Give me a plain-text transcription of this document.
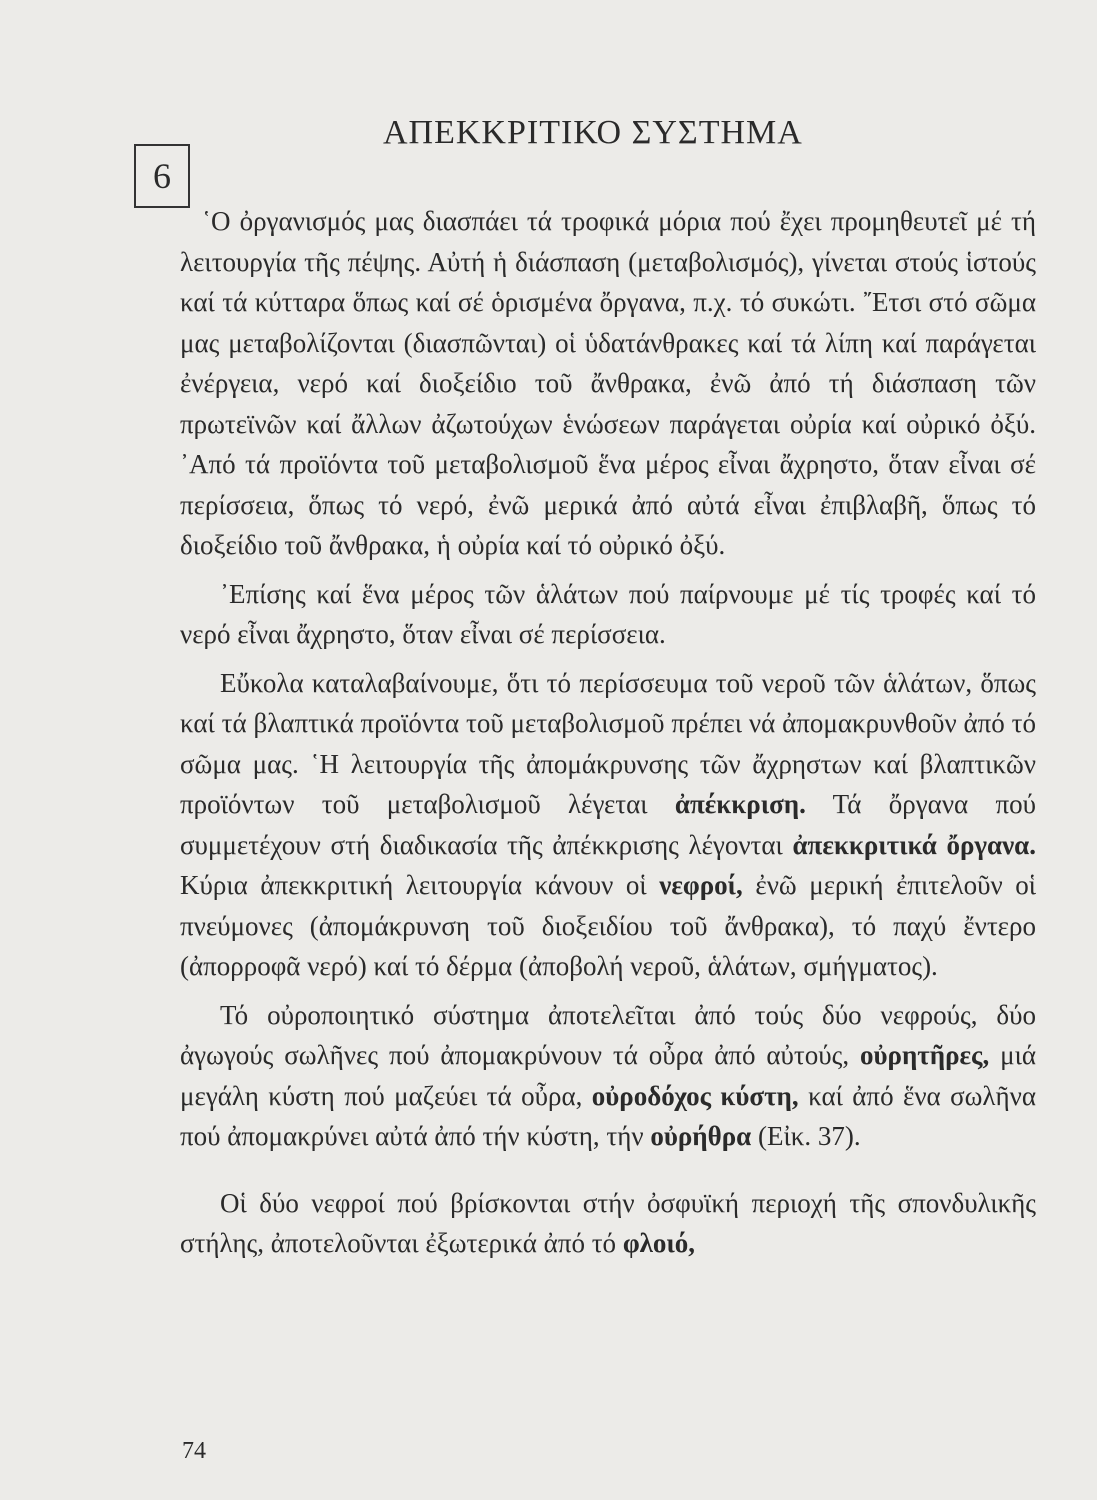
6
ΑΠΕΚΚΡΙΤΙΚΟ ΣΥΣΤΗΜΑ

῾Ο ὀργανισμός μας διασπάει τά τροφικά μόρια πού ἔχει προμηθευτεῖ μέ τή λειτουργία τῆς πέψης. Αὐτή ἡ διάσπαση (μεταβολισμός), γίνεται στούς ἱστούς καί τά κύτταρα ὅπως καί σέ ὁρισμένα ὄργανα, π.χ. τό συκώτι. ῎Ετσι στό σῶμα μας μεταβολίζονται (διασπῶνται) οἱ ὑδατάνθρακες καί τά λίπη καί παράγεται ἐνέργεια, νερό καί διοξείδιο τοῦ ἄνθρακα, ἐνῶ ἀπό τή διάσπαση τῶν πρωτεϊνῶν καί ἄλλων ἀζωτούχων ἑνώσεων παράγεται οὐρία καί οὐρικό ὀξύ. ᾿Από τά προϊόντα τοῦ μεταβολισμοῦ ἕνα μέρος εἶναι ἄχρηστο, ὅταν εἶναι σέ περίσσεια, ὅπως τό νερό, ἐνῶ μερικά ἀπό αὐτά εἶναι ἐπιβλαβῆ, ὅπως τό διοξείδιο τοῦ ἄνθρακα, ἡ οὐρία καί τό οὐρικό ὀξύ.

᾿Επίσης καί ἕνα μέρος τῶν ἁλάτων πού παίρνουμε μέ τίς τροφές καί τό νερό εἶναι ἄχρηστο, ὅταν εἶναι σέ περίσσεια.

Εὔκολα καταλαβαίνουμε, ὅτι τό περίσσευμα τοῦ νεροῦ τῶν ἁλάτων, ὅπως καί τά βλαπτικά προϊόντα τοῦ μεταβολισμοῦ πρέπει νά ἀπομακρυνθοῦν ἀπό τό σῶμα μας. ῾Η λειτουργία τῆς ἀπομάκρυνσης τῶν ἄχρηστων καί βλαπτικῶν προϊόντων τοῦ μεταβολισμοῦ λέγεται ἀπέκκριση. Τά ὄργανα πού συμμετέχουν στή διαδικασία τῆς ἀπέκκρισης λέγονται ἀπεκκριτικά ὄργανα. Κύρια ἀπεκκριτική λειτουργία κάνουν οἱ νεφροί, ἐνῶ μερική ἐπιτελοῦν οἱ πνεύμονες (ἀπομάκρυνση τοῦ διοξειδίου τοῦ ἄνθρακα), τό παχύ ἔντερο (ἀπορροφᾶ νερό) καί τό δέρμα (ἀποβολή νεροῦ, ἁλάτων, σμήγματος).

Τό οὐροποιητικό σύστημα ἀποτελεῖται ἀπό τούς δύο νεφρούς, δύο ἀγωγούς σωλῆνες πού ἀπομακρύνουν τά οὖρα ἀπό αὐτούς, οὐρητῆρες, μιά μεγάλη κύστη πού μαζεύει τά οὖρα, οὐροδόχος κύστη, καί ἀπό ἕνα σωλῆνα πού ἀπομακρύνει αὐτά ἀπό τήν κύστη, τήν οὐρήθρα (Εἰκ. 37).

Οἱ δύο νεφροί πού βρίσκονται στήν ὀσφυϊκή περιοχή τῆς σπονδυλικῆς στήλης, ἀποτελοῦνται ἐξωτερικά ἀπό τό φλοιό,

74
